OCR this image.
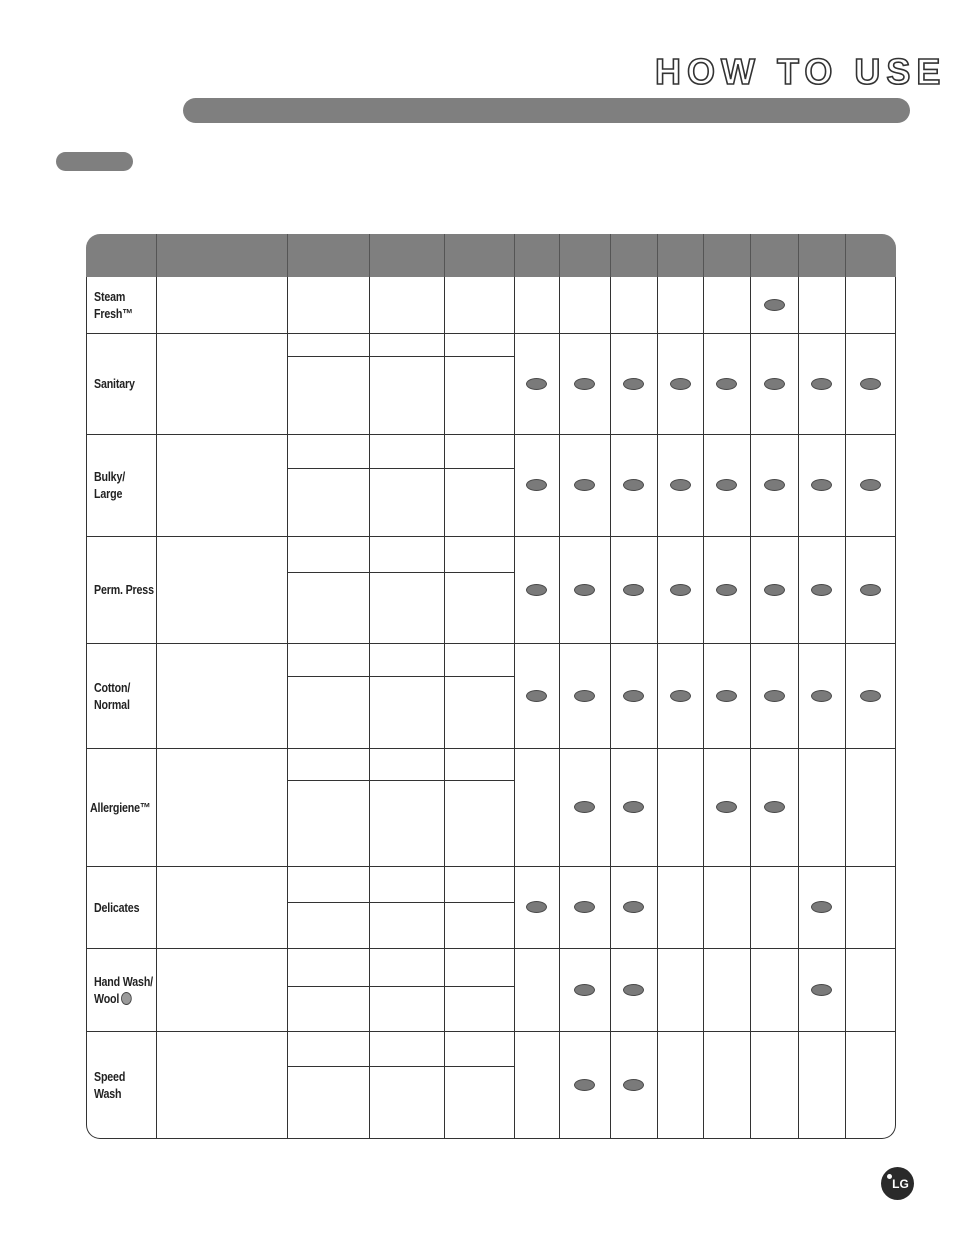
HOW TO USE
Steam
Fresh™
Sanitary
Bulky/
Large
Perm. Press
Cotton/
Normal
Allergiene™
Delicates
Hand Wash/
Wool
Speed
Wash
LG
